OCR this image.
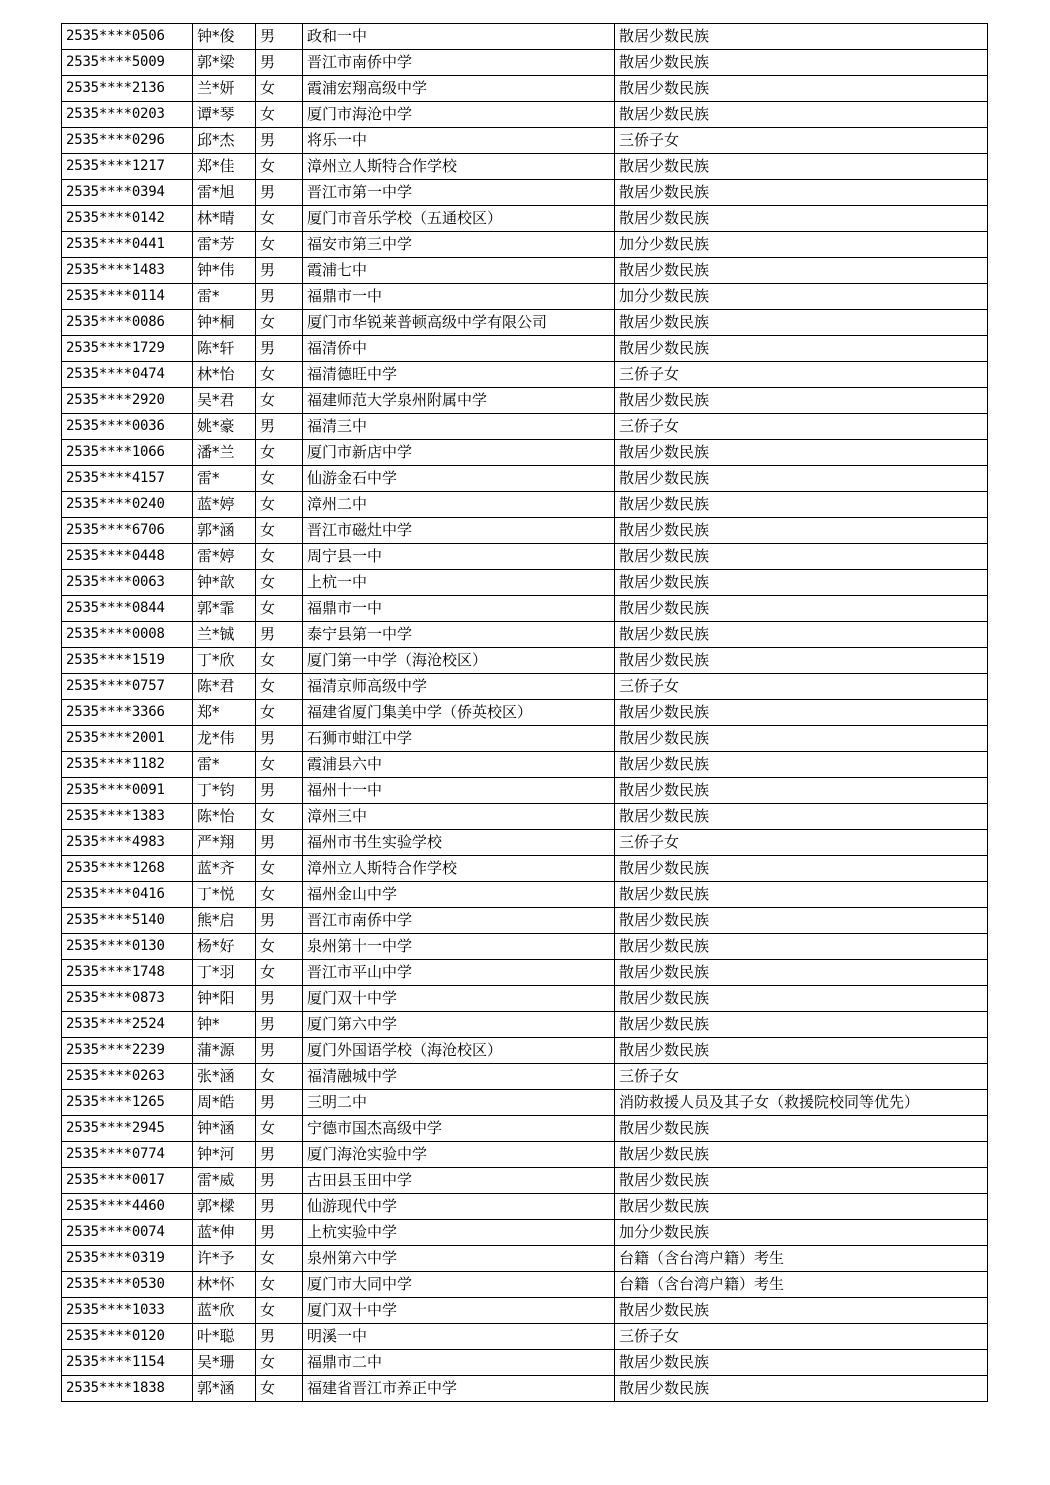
2535****0506	钟*俊	男	政和一中	散居少数民族
2535****5009	郭*梁	男	晋江市南侨中学	散居少数民族
2535****2136	兰*妍	女	霞浦宏翔高级中学	散居少数民族
2535****0203	谭*琴	女	厦门市海沧中学	散居少数民族
2535****0296	邱*杰	男	将乐一中	三侨子女
2535****1217	郑*佳	女	漳州立人斯特合作学校	散居少数民族
2535****0394	雷*旭	男	晋江市第一中学	散居少数民族
2535****0142	林*晴	女	厦门市音乐学校（五通校区）	散居少数民族
2535****0441	雷*芳	女	福安市第三中学	加分少数民族
2535****1483	钟*伟	男	霞浦七中	散居少数民族
2535****0114	雷*	男	福鼎市一中	加分少数民族
2535****0086	钟*桐	女	厦门市华锐莱普顿高级中学有限公司	散居少数民族
2535****1729	陈*轩	男	福清侨中	散居少数民族
2535****0474	林*怡	女	福清德旺中学	三侨子女
2535****2920	吴*君	女	福建师范大学泉州附属中学	散居少数民族
2535****0036	姚*豪	男	福清三中	三侨子女
2535****1066	潘*兰	女	厦门市新店中学	散居少数民族
2535****4157	雷*	女	仙游金石中学	散居少数民族
2535****0240	蓝*婷	女	漳州二中	散居少数民族
2535****6706	郭*涵	女	晋江市磁灶中学	散居少数民族
2535****0448	雷*婷	女	周宁县一中	散居少数民族
2535****0063	钟*歆	女	上杭一中	散居少数民族
2535****0844	郭*霏	女	福鼎市一中	散居少数民族
2535****0008	兰*铖	男	泰宁县第一中学	散居少数民族
2535****1519	丁*欣	女	厦门第一中学（海沧校区）	散居少数民族
2535****0757	陈*君	女	福清京师高级中学	三侨子女
2535****3366	郑*	女	福建省厦门集美中学（侨英校区）	散居少数民族
2535****2001	龙*伟	男	石狮市蚶江中学	散居少数民族
2535****1182	雷*	女	霞浦县六中	散居少数民族
2535****0091	丁*钧	男	福州十一中	散居少数民族
2535****1383	陈*怡	女	漳州三中	散居少数民族
2535****4983	严*翔	男	福州市书生实验学校	三侨子女
2535****1268	蓝*齐	女	漳州立人斯特合作学校	散居少数民族
2535****0416	丁*悦	女	福州金山中学	散居少数民族
2535****5140	熊*启	男	晋江市南侨中学	散居少数民族
2535****0130	杨*好	女	泉州第十一中学	散居少数民族
2535****1748	丁*羽	女	晋江市平山中学	散居少数民族
2535****0873	钟*阳	男	厦门双十中学	散居少数民族
2535****2524	钟*	男	厦门第六中学	散居少数民族
2535****2239	蒲*源	男	厦门外国语学校（海沧校区）	散居少数民族
2535****0263	张*涵	女	福清融城中学	三侨子女
2535****1265	周*皓	男	三明二中	消防救援人员及其子女（救援院校同等优先）
2535****2945	钟*涵	女	宁德市国杰高级中学	散居少数民族
2535****0774	钟*河	男	厦门海沧实验中学	散居少数民族
2535****0017	雷*威	男	古田县玉田中学	散居少数民族
2535****4460	郭*樑	男	仙游现代中学	散居少数民族
2535****0074	蓝*伸	男	上杭实验中学	加分少数民族
2535****0319	许*予	女	泉州第六中学	台籍（含台湾户籍）考生
2535****0530	林*怀	女	厦门市大同中学	台籍（含台湾户籍）考生
2535****1033	蓝*欣	女	厦门双十中学	散居少数民族
2535****0120	叶*聪	男	明溪一中	三侨子女
2535****1154	吴*珊	女	福鼎市二中	散居少数民族
2535****1838	郭*涵	女	福建省晋江市养正中学	散居少数民族
